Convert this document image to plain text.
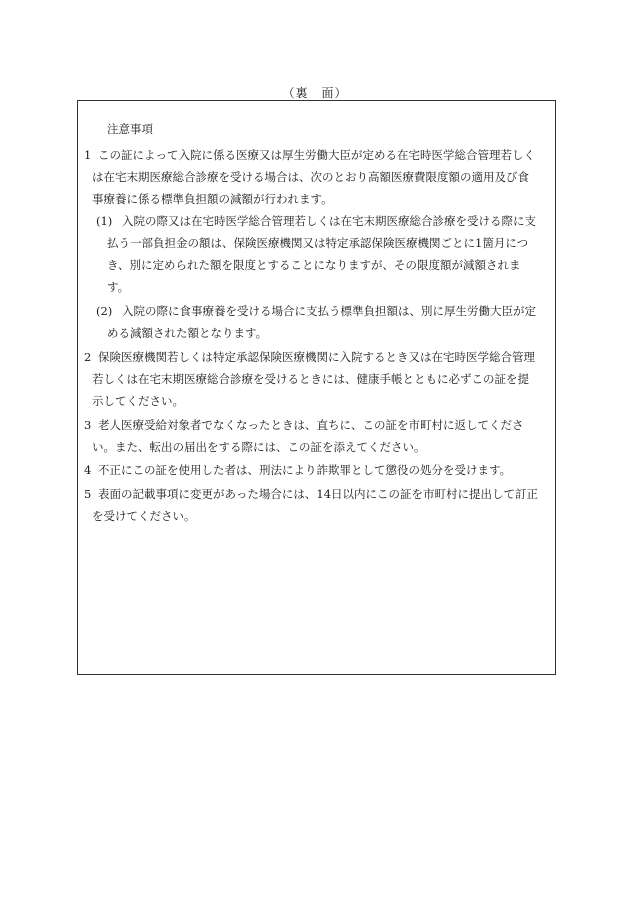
（裏　面）
注意事項
1 この証によって入院に係る医療又は厚生労働大臣が定める在宅時医学総合管理若しく
は在宅末期医療総合診療を受ける場合は、次のとおり高額医療費限度額の適用及び食
事療養に係る標準負担額の減額が行われます。
(1) 入院の際又は在宅時医学総合管理若しくは在宅末期医療総合診療を受ける際に支
払う一部負担金の額は、保険医療機関又は特定承認保険医療機関ごとに1箇月につ
き、別に定められた額を限度とすることになりますが、その限度額が減額されま
す。
(2) 入院の際に食事療養を受ける場合に支払う標準負担額は、別に厚生労働大臣が定
める減額された額となります。
2 保険医療機関若しくは特定承認保険医療機関に入院するとき又は在宅時医学総合管理
若しくは在宅末期医療総合診療を受けるときには、健康手帳とともに必ずこの証を提
示してください。
3 老人医療受給対象者でなくなったときは、直ちに、この証を市町村に返してくださ
い。また、転出の届出をする際には、この証を添えてください。
4 不正にこの証を使用した者は、刑法により詐欺罪として懲役の処分を受けます。
5 表面の記載事項に変更があった場合には、14日以内にこの証を市町村に提出して訂正
を受けてください。
